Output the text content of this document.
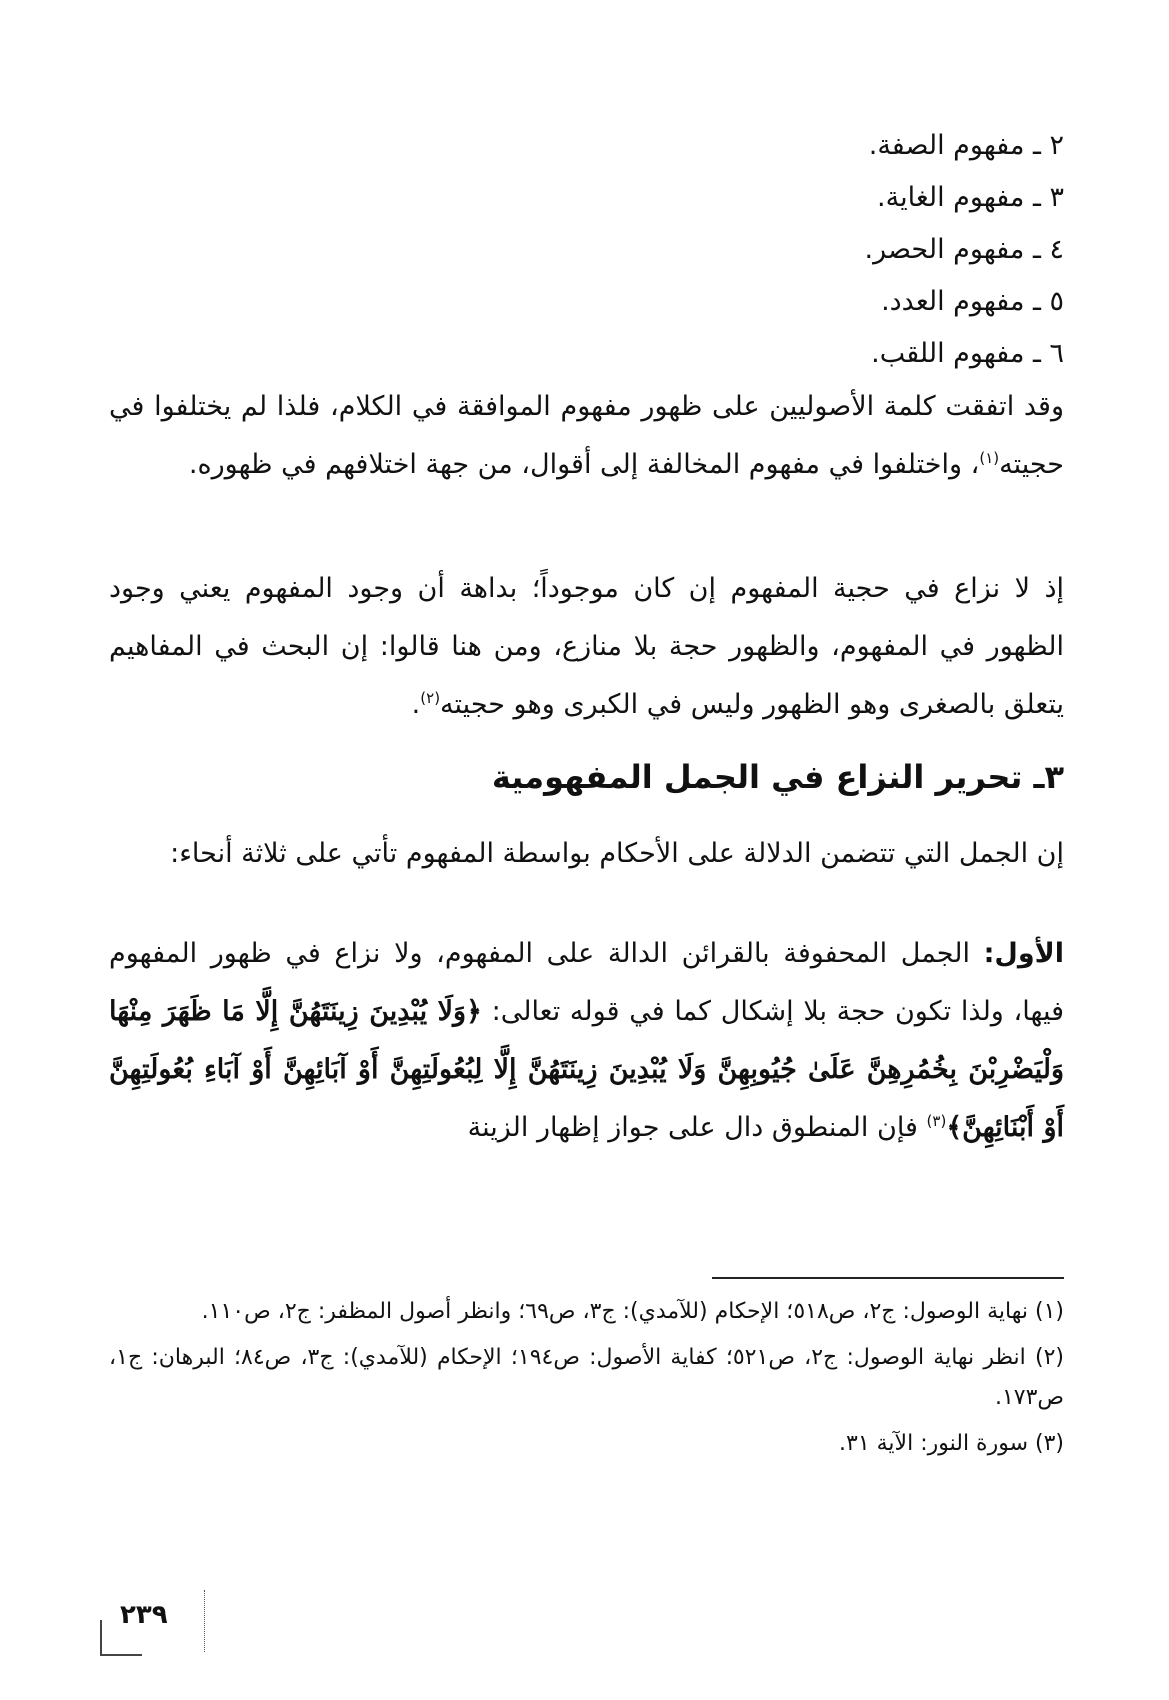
٢ ـ مفهوم الصفة.
٣ ـ مفهوم الغاية.
٤ ـ مفهوم الحصر.
٥ ـ مفهوم العدد.
٦ ـ مفهوم اللقب.

وقد اتفقت كلمة الأصوليين على ظهور مفهوم الموافقة في الكلام، فلذا لم يختلفوا في حجيته$^{(١)}$، واختلفوا في مفهوم المخالفة إلى أقوال، من جهة اختلافهم في ظهوره.

إذ لا نزاع في حجية المفهوم إن كان موجوداً؛ بداهة أن وجود المفهوم يعني وجود الظهور في المفهوم، والظهور حجة بلا منازع، ومن هنا قالوا: إن البحث في المفاهيم يتعلق بالصغرى وهو الظهور وليس في الكبرى وهو حجيته$^{(٢)}$.

٣ـ تحرير النزاع في الجمل المفهومية

إن الجمل التي تتضمن الدلالة على الأحكام بواسطة المفهوم تأتي على ثلاثة أنحاء:

الأول: الجمل المحفوفة بالقرائن الدالة على المفهوم، ولا نزاع في ظهور المفهوم فيها، ولذا تكون حجة بلا إشكال كما في قوله تعالى: ﴿وَلَا يُبْدِينَ زِينَتَهُنَّ إِلَّا مَا ظَهَرَ مِنْهَا وَلْيَضْرِبْنَ بِخُمُرِهِنَّ عَلَىٰ جُيُوبِهِنَّ وَلَا يُبْدِينَ زِينَتَهُنَّ إِلَّا لِبُعُولَتِهِنَّ أَوْ آبَائِهِنَّ أَوْ آبَاءِ بُعُولَتِهِنَّ أَوْ أَبْنَائِهِنَّ﴾$^{(٣)}$ فإن المنطوق دال على جواز إظهار الزينة

(١) نهاية الوصول: ج٢، ص٥١٨؛ الإحكام (للآمدي): ج٣، ص٦٩؛ وانظر أصول المظفر: ج٢، ص١١٠.

(٢) انظر نهاية الوصول: ج٢، ص٥٢١؛ كفاية الأصول: ص١٩٤؛ الإحكام (للآمدي): ج٣، ص٨٤؛ البرهان: ج١، ص١٧٣.

(٣) سورة النور: الآية ٣١.

٢٣٩
